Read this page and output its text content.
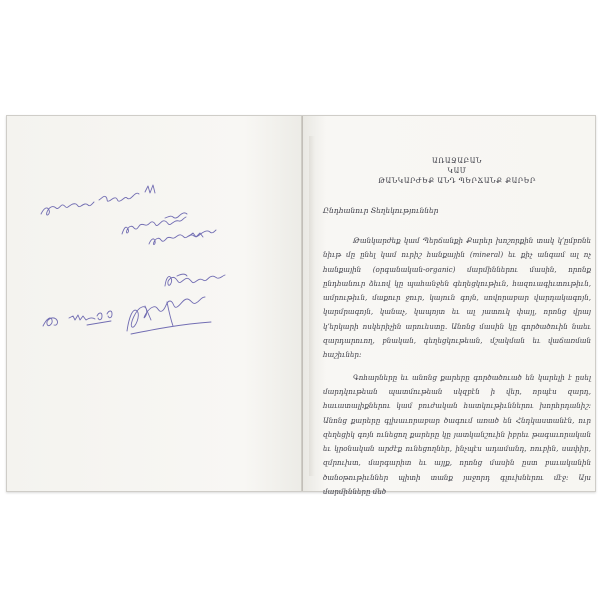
ԱՌԱՋԱԲԱՆ

ԿԱՄ

ԹԱՆԿԱՐԺԵՔ ԱՆԴ ՊԵՐՃԱՆՔ ՔԱՐԵՐ

Ընդհանուր Տեղեկություններ

Թանկարժեք կամ Պերճանքի Քարեր խոշորքին տակ կ՚ըմբռնե նիւթ մը ընել կամ ուրիշ հանքային (mineral) եւ քիչ անգամ ալ ոչ հանքային (օրգանական-organic) մարմիններու մասին, որոնք ընդհանուր ձեւով կը պահանջեն գեղեցկութիւն, հազուագիւտութիւն, ամրութիւն, մաքուր ջուր, կայուն գոյն, սովորաբար վարդակագոյն, կարմրագոյն, կանաչ, կապոյտ եւ ալ յատուկ փայլ, որոնց վրայ կ՚երկարի ոսկերիչին արուեստը. Անոնց մասին կը գործածուին նաեւ զարդարուող, բնական, գեղեցկութեան, մշակման եւ վաճառման հաշիւներ։

Գոհարները եւ անոնց քարերը գործածուած են կարելի է ըսել մարդկութեան պատմութեան սկզբէն ի վեր, որպէս զարդ, հաւատալիքներու կամ բուժական հատկութիւններու խորհրդանիշ։ Անոնց քարերը գլխաւորաբար ծագում առած են Հնդկաստանէն, ուր զեղեցիկ գոյն ունեցող քարերը կը յատկանշուին իբրեւ թագաւորական եւ կրօնական արժէք ունեցողներ, ինչպէս ադամանդ, ռուբին, սափիր, զմրուխտ, մարգարիտ եւ այլք, որոնց մասին ըստ բաւականին ծանօթութիւններ պիտի տանք յաջորդ գլուխներու մէջ։ Այս մարմինները մեծ
